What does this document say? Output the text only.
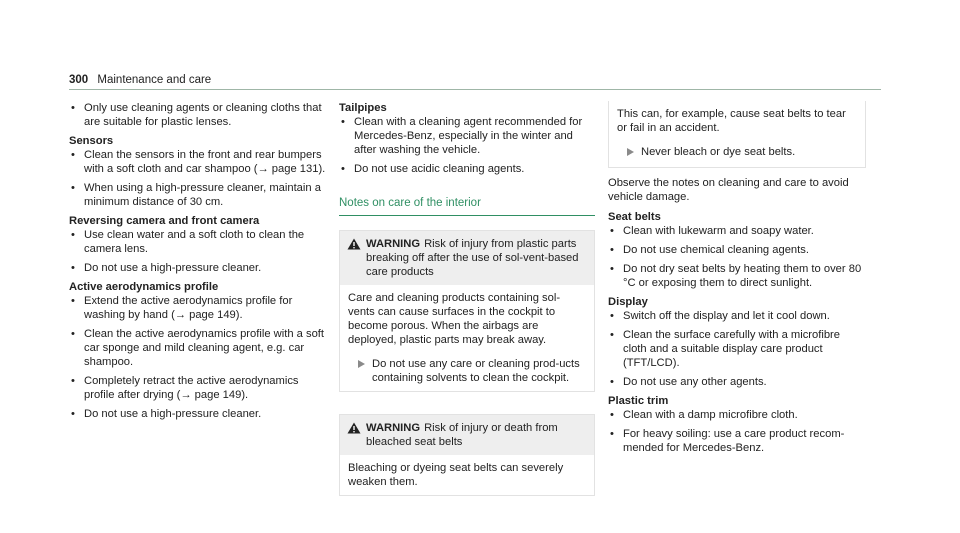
300 Maintenance and care
• Only use cleaning agents or cleaning cloths that are suitable for plastic lenses.
Sensors
• Clean the sensors in the front and rear bumpers with a soft cloth and car shampoo (→ page 131).
• When using a high-pressure cleaner, maintain a minimum distance of 30 cm.
Reversing camera and front camera
• Use clean water and a soft cloth to clean the camera lens.
• Do not use a high-pressure cleaner.
Active aerodynamics profile
• Extend the active aerodynamics profile for washing by hand (→ page 149).
• Clean the active aerodynamics profile with a soft car sponge and mild cleaning agent, e.g. car shampoo.
• Completely retract the active aerodynamics profile after drying (→ page 149).
• Do not use a high-pressure cleaner.
Tailpipes
• Clean with a cleaning agent recommended for Mercedes-Benz, especially in the winter and after washing the vehicle.
• Do not use acidic cleaning agents.
Notes on care of the interior
WARNING Risk of injury from plastic parts breaking off after the use of sol-vent-based care products

Care and cleaning products containing sol-vents can cause surfaces in the cockpit to become porous. When the airbags are deployed, plastic parts may break away.

Do not use any care or cleaning prod-ucts containing solvents to clean the cockpit.
WARNING Risk of injury or death from bleached seat belts

Bleaching or dyeing seat belts can severely weaken them.

This can, for example, cause seat belts to tear or fail in an accident.

Never bleach or dye seat belts.

Observe the notes on cleaning and care to avoid vehicle damage.

Seat belts
• Clean with lukewarm and soapy water.
• Do not use chemical cleaning agents.
• Do not dry seat belts by heating them to over 80 °C or exposing them to direct sunlight.
Display
• Switch off the display and let it cool down.
• Clean the surface carefully with a microfibre cloth and a suitable display care product (TFT/LCD).
• Do not use any other agents.
Plastic trim
• Clean with a damp microfibre cloth.
• For heavy soiling: use a care product recom-mended for Mercedes-Benz.
